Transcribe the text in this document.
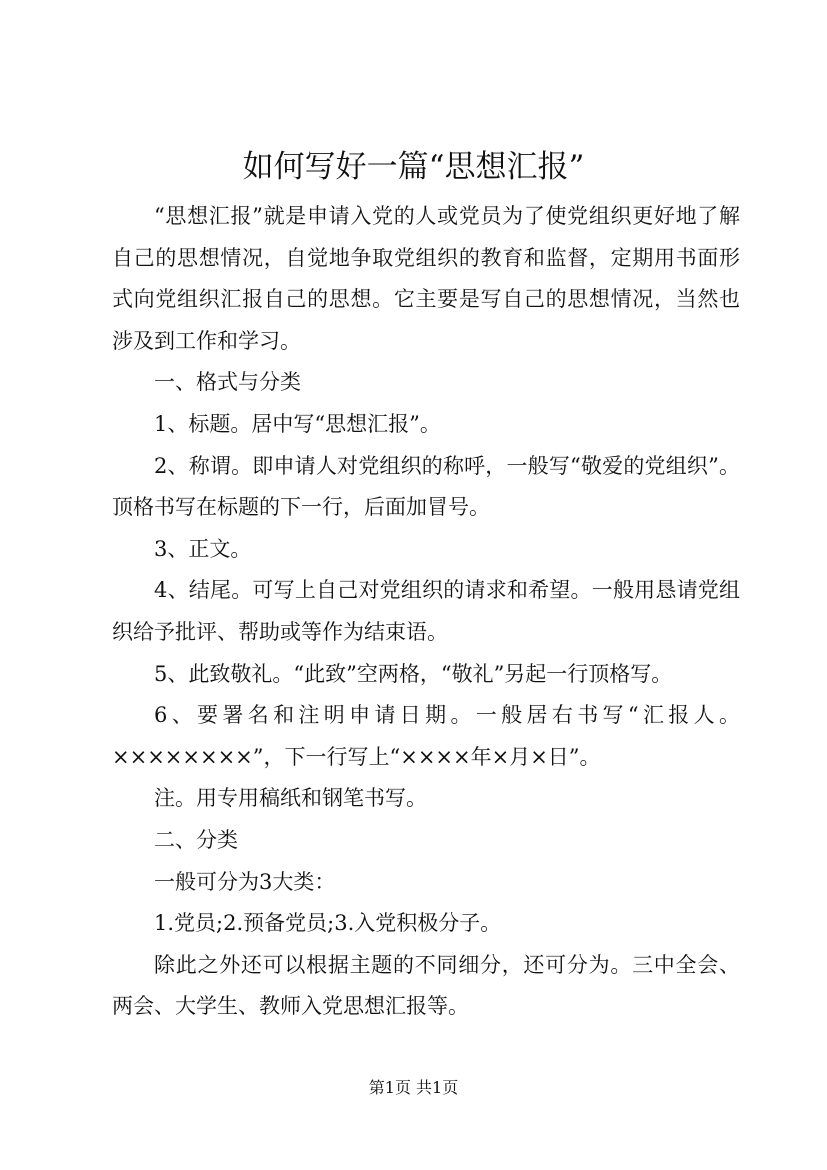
如何写好一篇“思想汇报”

“思想汇报”就是申请入党的人或党员为了使党组织更好地了解自己的思想情况，自觉地争取党组织的教育和监督，定期用书面形式向党组织汇报自己的思想。它主要是写自己的思想情况，当然也涉及到工作和学习。

一、格式与分类

1、标题。居中写“思想汇报”。

2、称谓。即申请人对党组织的称呼，一般写“敬爱的党组织”。顶格书写在标题的下一行，后面加冒号。

3、正文。

4、结尾。可写上自己对党组织的请求和希望。一般用恳请党组织给予批评、帮助或等作为结束语。

5、此致敬礼。“此致”空两格，“敬礼”另起一行顶格写。

6、要署名和注明申请日期。一般居右书写“汇报人。××××××××”，下一行写上“××××年×月×日”。

注。用专用稿纸和钢笔书写。

二、分类

一般可分为3大类：

1.党员;2.预备党员;3.入党积极分子。

除此之外还可以根据主题的不同细分，还可分为。三中全会、两会、大学生、教师入党思想汇报等。

第1页 共1页
